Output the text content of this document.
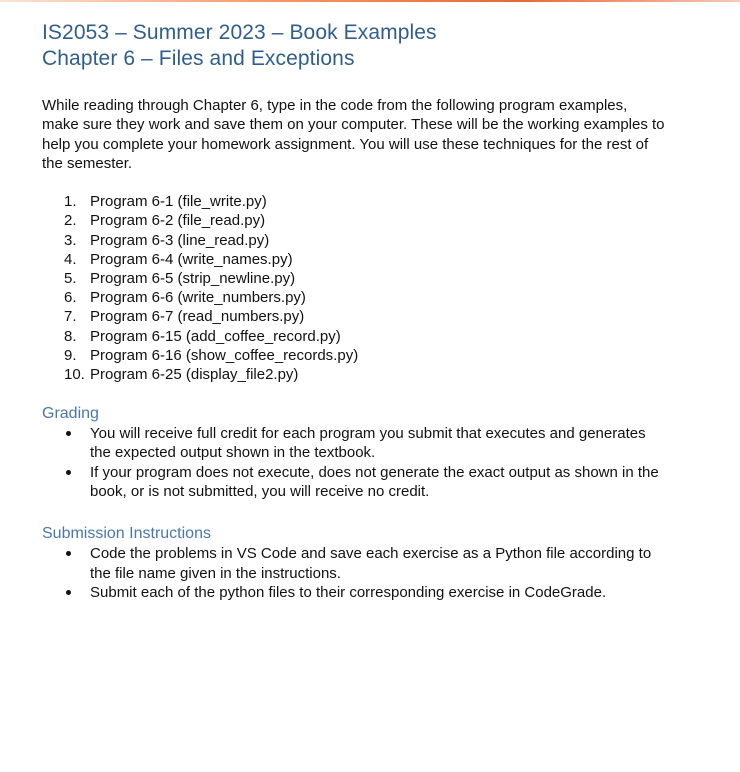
IS2053 – Summer 2023 – Book Examples
Chapter 6 – Files and Exceptions

While reading through Chapter 6, type in the code from the following program examples, make sure they work and save them on your computer. These will be the working examples to help you complete your homework assignment. You will use these techniques for the rest of the semester.

1. Program 6-1 (file_write.py)
2. Program 6-2 (file_read.py)
3. Program 6-3 (line_read.py)
4. Program 6-4 (write_names.py)
5. Program 6-5 (strip_newline.py)
6. Program 6-6 (write_numbers.py)
7. Program 6-7 (read_numbers.py)
8. Program 6-15 (add_coffee_record.py)
9. Program 6-16 (show_coffee_records.py)
10. Program 6-25 (display_file2.py)
Grading
You will receive full credit for each program you submit that executes and generates the expected output shown in the textbook.
If your program does not execute, does not generate the exact output as shown in the book, or is not submitted, you will receive no credit.
Submission Instructions
Code the problems in VS Code and save each exercise as a Python file according to the file name given in the instructions.
Submit each of the python files to their corresponding exercise in CodeGrade.
